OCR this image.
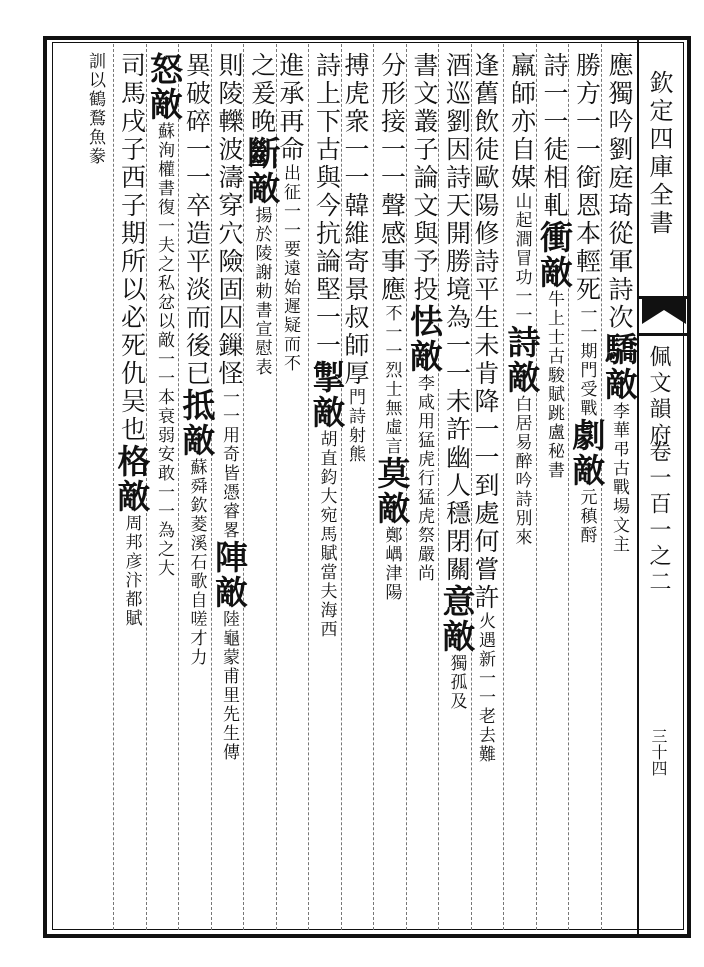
欽定四庫全書
佩文韻府
卷一百一之二
三十四
應獨吟劉庭琦從軍詩次驕敵李華弔古戰場文主
勝方一一銜恩本輕死一一期門受戰劇敵元稹酹
詩一一徒相軋衝敵牛上士古駿賦跳盧秘書
羸師亦自媒山起澗冒功一一詩敵白居易醉吟詩別來
逢舊飲徒歐陽修詩平生未肯降一一到處何嘗許火遇新一一老去難
酒巡劉因詩天開勝境為一一未許幽人穩閉關意敵獨孤及
書文叢子論文與予投怯敵李咸用猛虎行猛虎祭嚴尚
分形接一一聲感事應不一一烈士無虛言莫敵鄭嵎津陽
搏虎衆一一韓維寄景叔師厚門詩射熊
詩上下古與今抗論堅一一掣敵胡直鈞大宛馬賦當夫海西
進承再命出征一一要遠始遲疑而不
之爰晚斷敵揚於陵謝勅書宣慰表
則陵轢波濤穿穴險固囚鏁怪一一用奇皆憑睿畧陣敵陸龜蒙甫里先生傳
異破碎一一卒造平淡而後已抵敵蘇舜欽菱溪石歌自嗟才力
怒敵蘇洵權書復一夫之私忿以敵一一本衰弱安敢一一為之大
司馬戌子西子期所以必死仇吴也格敵周邦彦汴都賦
訓以鶴鶩魚豢
